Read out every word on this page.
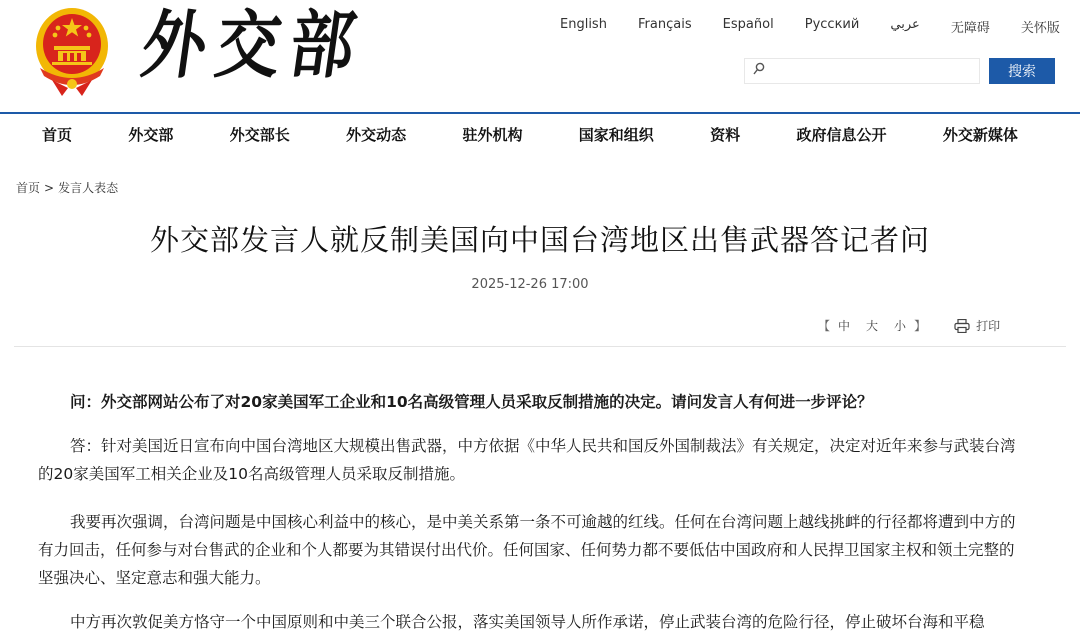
外交部	English Français Español Русский عربي 无障碍 关怀版
搜索
首页	外交部	外交部长	外交动态	驻外机构	国家和组织	资料	政府信息公开	外交新媒体
首页 > 发言人表态
外交部发言人就反制美国向中国台湾地区出售武器答记者问
2025-12-26 17:00
【 中 大 小 】	打印

问：外交部网站公布了对20家美国军工企业和10名高级管理人员采取反制措施的决定。请问发言人有何进一步评论？

答：针对美国近日宣布向中国台湾地区大规模出售武器，中方依据《中华人民共和国反外国制裁法》有关规定，决定对近年来参与武装台湾的20家美国军工相关企业及10名高级管理人员采取反制措施。

我要再次强调，台湾问题是中国核心利益中的核心，是中美关系第一条不可逾越的红线。任何在台湾问题上越线挑衅的行径都将遭到中方的有力回击，任何参与对台售武的企业和个人都要为其错误付出代价。任何国家、任何势力都不要低估中国政府和人民捍卫国家主权和领土完整的坚强决心、坚定意志和强大能力。

中方再次敦促美方恪守一个中国原则和中美三个联合公报，落实美国领导人所作承诺，停止武装台湾的危险行径，停止破坏台海和平稳
